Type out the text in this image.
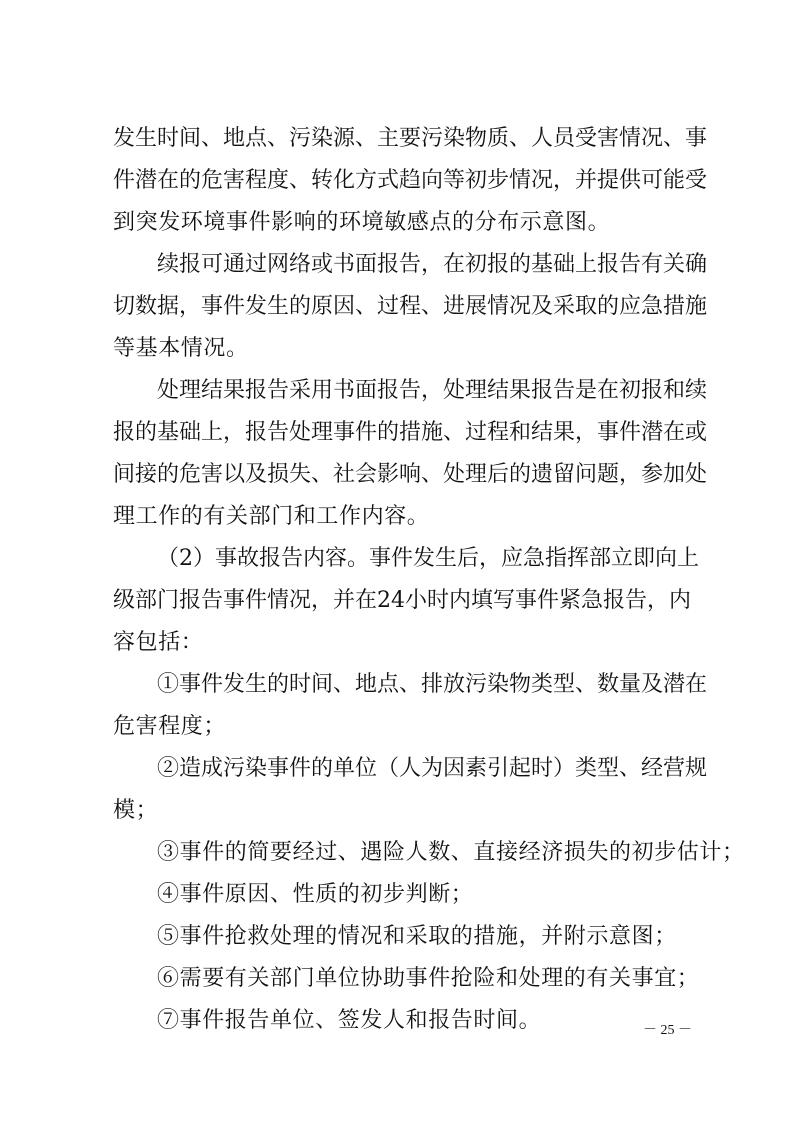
发生时间、地点、污染源、主要污染物质、人员受害情况、事
件潜在的危害程度、转化方式趋向等初步情况，并提供可能受
到突发环境事件影响的环境敏感点的分布示意图。
续报可通过网络或书面报告，在初报的基础上报告有关确
切数据，事件发生的原因、过程、进展情况及采取的应急措施
等基本情况。
处理结果报告采用书面报告，处理结果报告是在初报和续
报的基础上，报告处理事件的措施、过程和结果，事件潜在或
间接的危害以及损失、社会影响、处理后的遗留问题，参加处
理工作的有关部门和工作内容。
（2）事故报告内容。事件发生后，应急指挥部立即向上
级部门报告事件情况，并在24小时内填写事件紧急报告，内
容包括：
①事件发生的时间、地点、排放污染物类型、数量及潜在
危害程度；
②造成污染事件的单位（人为因素引起时）类型、经营规
模；
③事件的简要经过、遇险人数、直接经济损失的初步估计；
④事件原因、性质的初步判断；
⑤事件抢救处理的情况和采取的措施，并附示意图；
⑥需要有关部门单位协助事件抢险和处理的有关事宜；
⑦事件报告单位、签发人和报告时间。	－ 25 －
